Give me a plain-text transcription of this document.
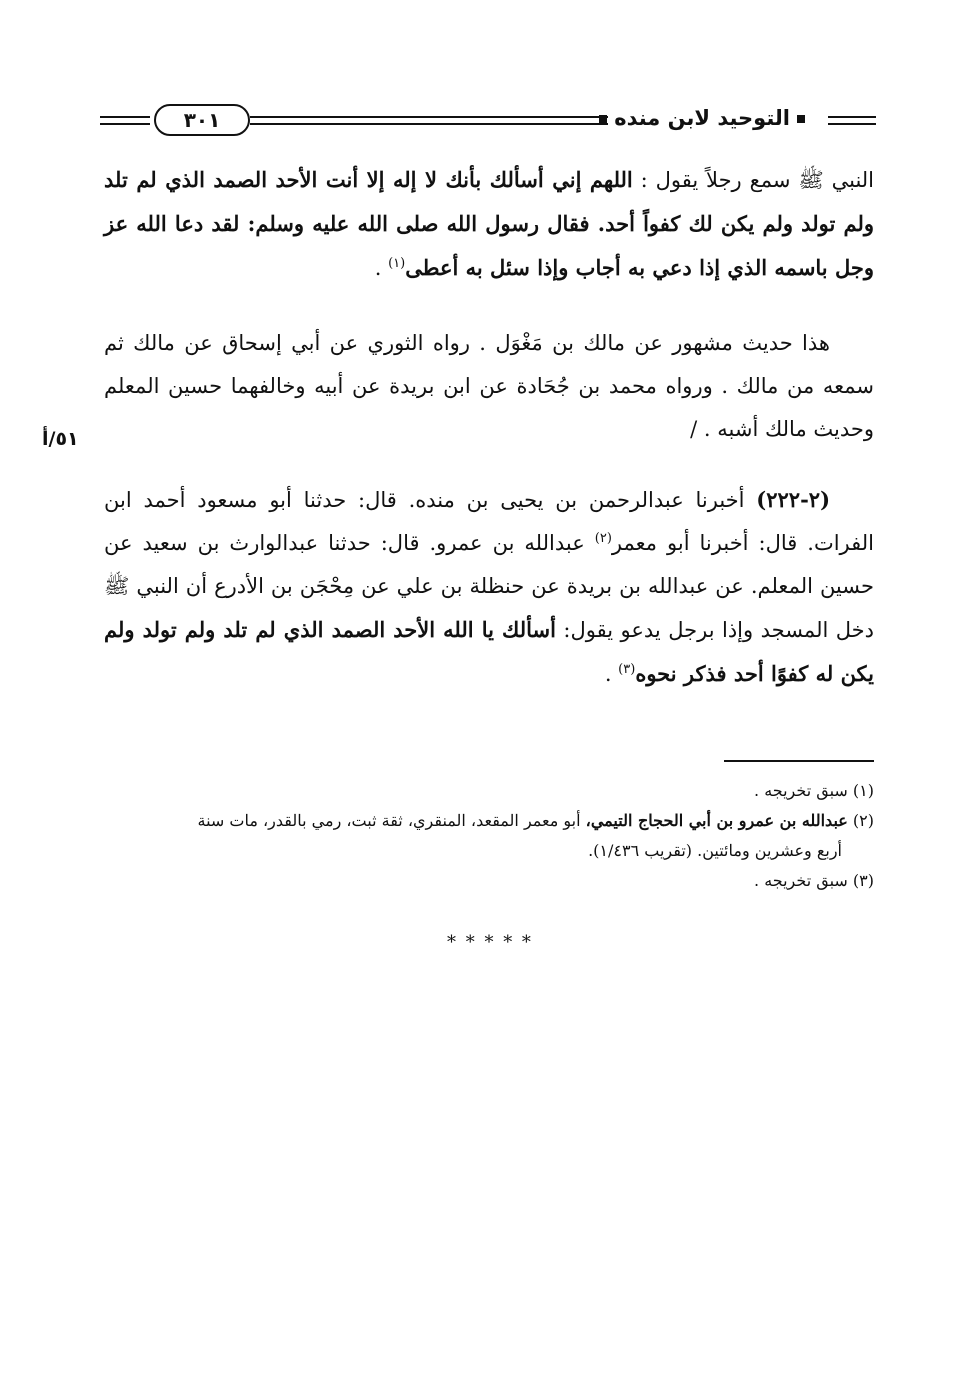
التوحيد لابن منده
٣٠١
٥١/أ

النبي ﷺ سمع رجلاً يقول : اللهم إني أسألك بأنك لا إله إلا أنت الأحد الصمد الذي لم تلد ولم تولد ولم يكن لك كفواً أحد. فقال رسول الله صلى الله عليه وسلم: لقد دعا الله عز وجل باسمه الذي إذا دعي به أجاب وإذا سئل به أعطى$^{(١)}$ .

هذا حديث مشهور عن مالك بن مَغْوَل . رواه الثوري عن أبي إسحاق عن مالك ثم سمعه من مالك . ورواه محمد بن جُحَادة عن ابن بريدة عن أبيه وخالفهما حسين المعلم وحديث مالك أشبه . /

(٢-٢٢٢) أخبرنا عبدالرحمن بن يحيى بن منده. قال: حدثنا أبو مسعود أحمد ابن الفرات. قال: أخبرنا أبو معمر$^{(٢)}$ عبدالله بن عمرو. قال: حدثنا عبدالوارث بن سعيد عن حسين المعلم. عن عبدالله بن بريدة عن حنظلة بن علي عن مِحْجَن بن الأدرع أن النبي ﷺ دخل المسجد وإذا برجل يدعو يقول: أسألك يا الله الأحد الصمد الذي لم تلد ولم تولد ولم يكن له كفوًا أحد فذكر نحوه$^{(٣)}$ .

(١) سبق تخريجه .

(٢) عبدالله بن عمرو بن أبي الحجاج التيمي، أبو معمر المقعد، المنقري، ثقة ثبت، رمي بالقدر، مات سنة
أربع وعشرين ومائتين. (تقريب ١/٤٣٦).

(٣) سبق تخريجه .

* * * * *
